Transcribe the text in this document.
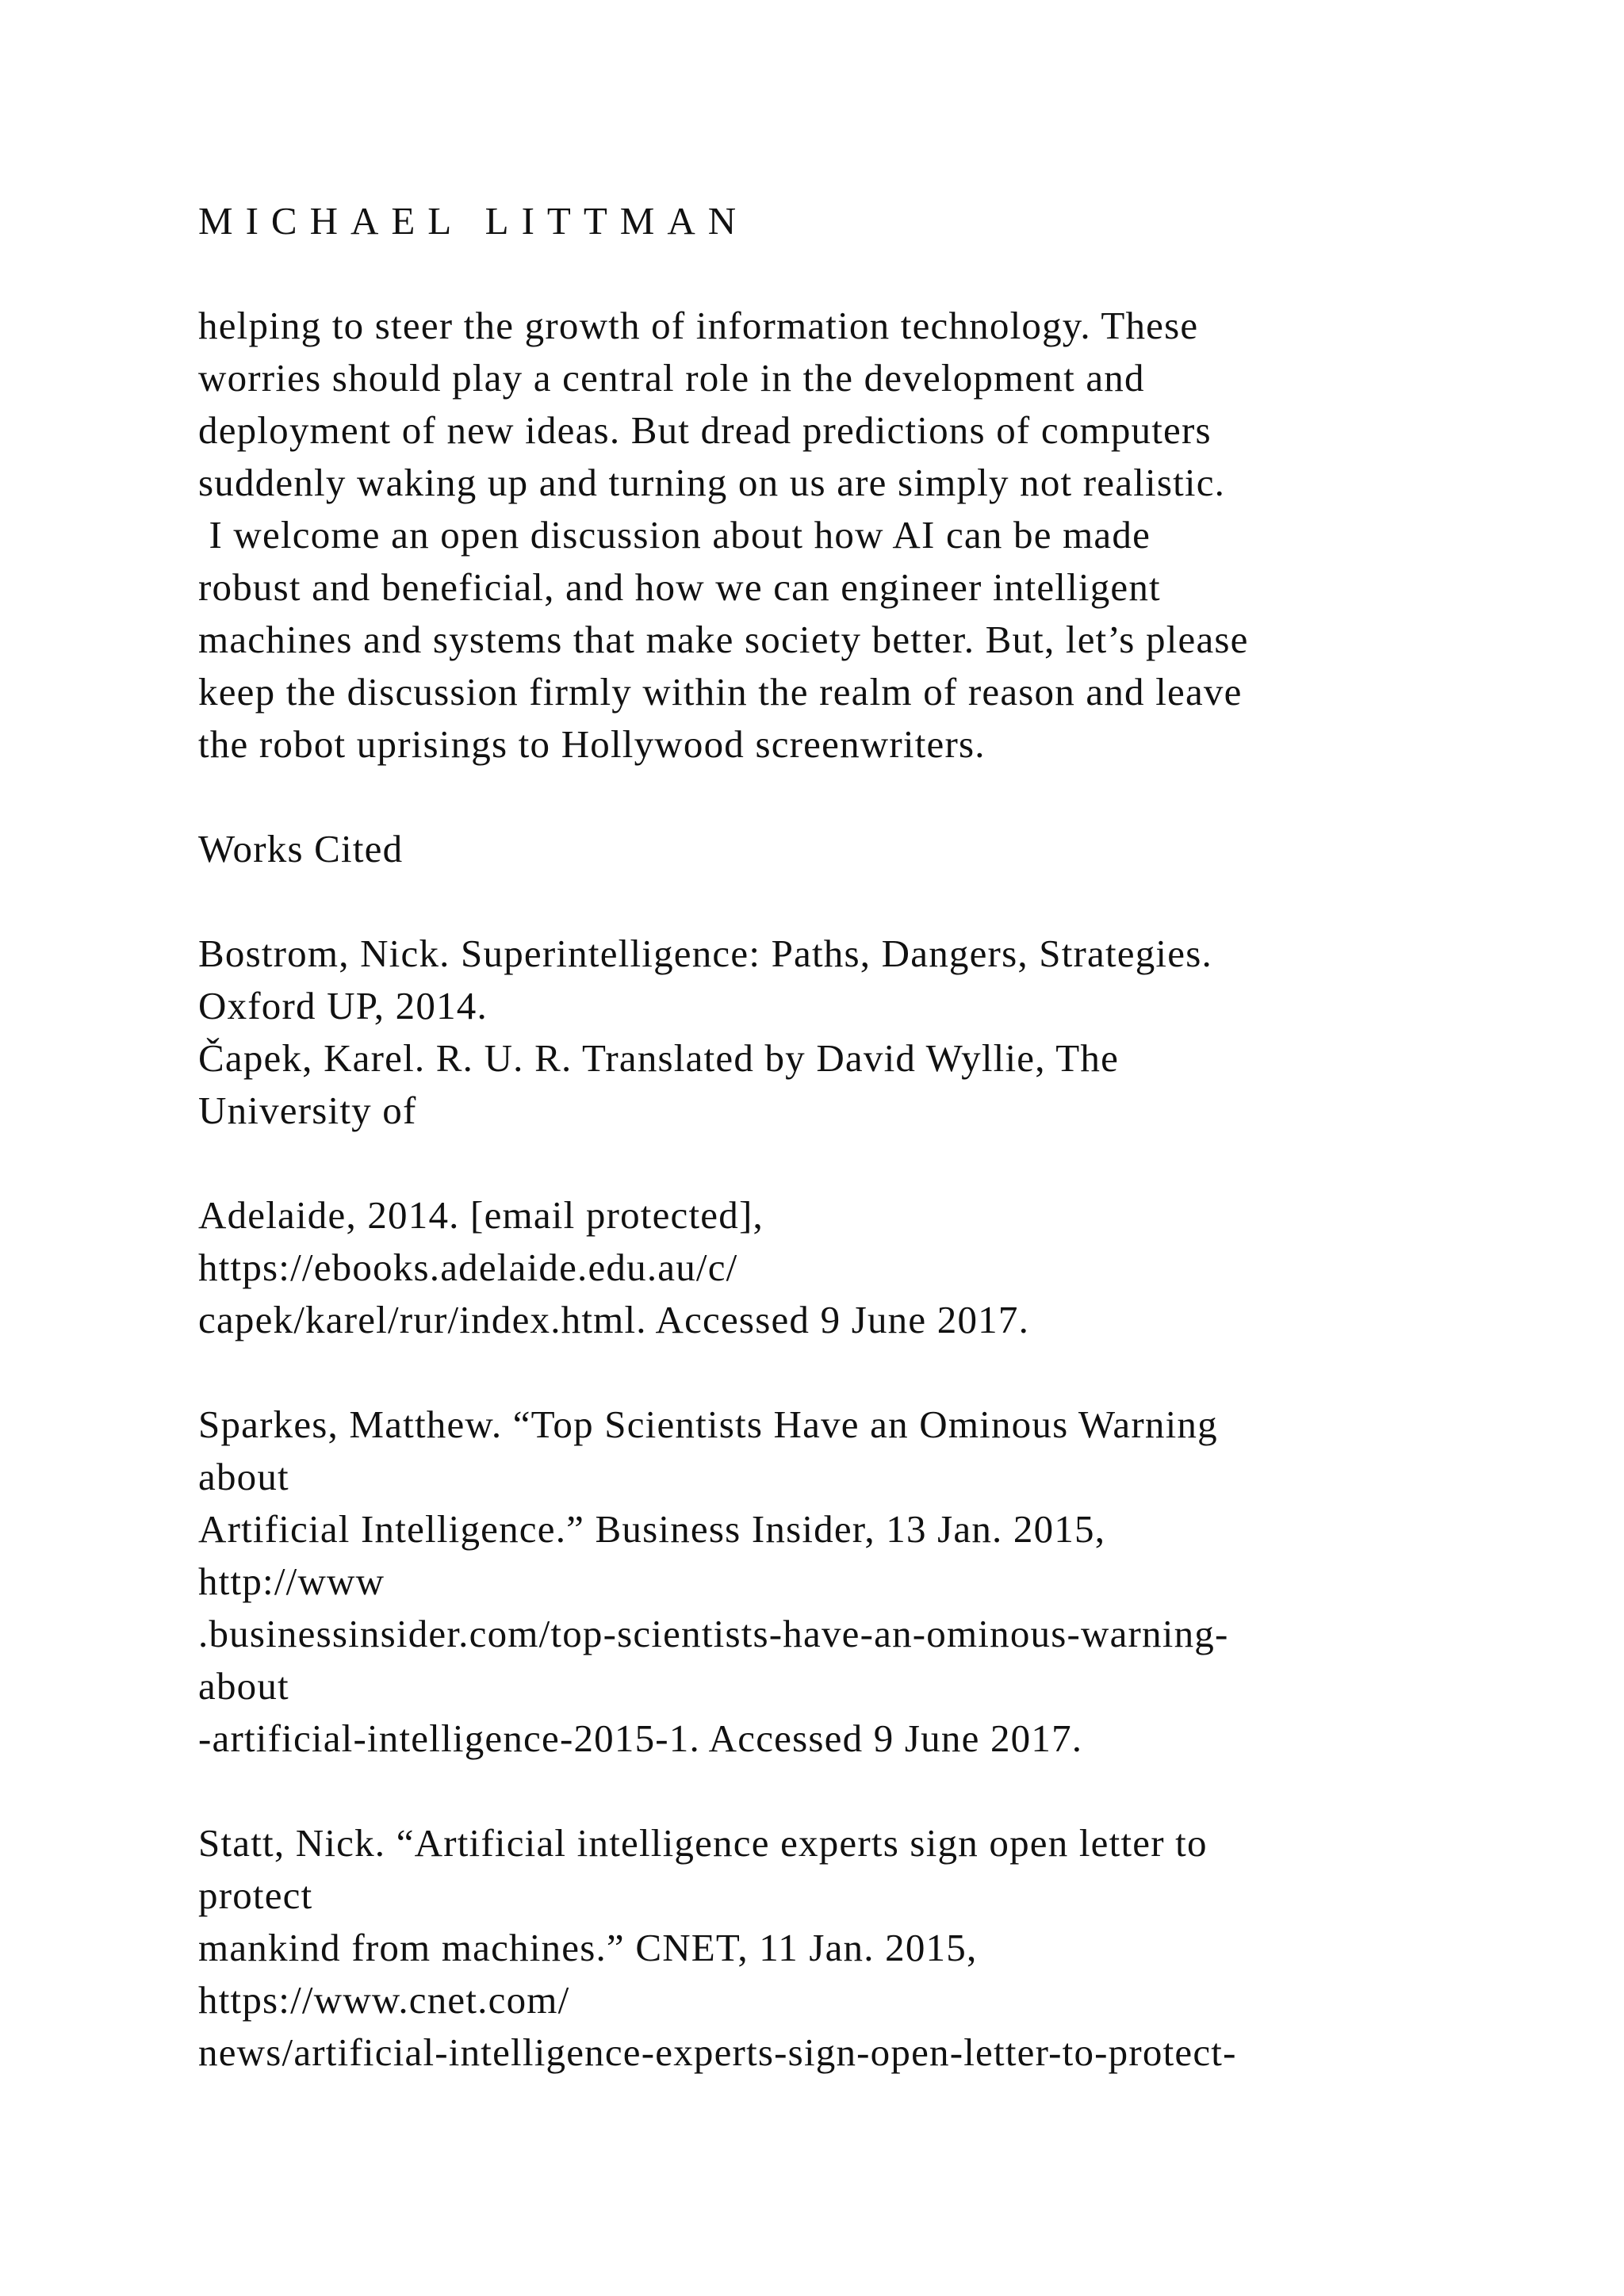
MICHAEL LITTMAN
helping to steer the growth of information technology. These
worries should play a central role in the development and
deployment of new ideas. But dread predictions of computers
suddenly waking up and turning on us are simply not realistic.
I welcome an open discussion about how AI can be made
robust and beneficial, and how we can engineer intelligent
machines and systems that make society better. But, let’s please
keep the discussion firmly within the realm of reason and leave
the robot uprisings to Hollywood screenwriters.
Works Cited
Bostrom, Nick. Superintelligence: Paths, Dangers, Strategies.
Oxford UP, 2014.
Čapek, Karel. R. U. R. Translated by David Wyllie, The
University of
Adelaide, 2014. [email protected],
https://ebooks.adelaide.edu.au/c/
capek/karel/rur/index.html. Accessed 9 June 2017.
Sparkes, Matthew. “Top Scientists Have an Ominous Warning
about
Artificial Intelligence.” Business Insider, 13 Jan. 2015,
http://www
.businessinsider.com/top-scientists-have-an-ominous-warning-
about
-artificial-intelligence-2015-1. Accessed 9 June 2017.
Statt, Nick. “Artificial intelligence experts sign open letter to
protect
mankind from machines.” CNET, 11 Jan. 2015,
https://www.cnet.com/
news/artificial-intelligence-experts-sign-open-letter-to-protect-
